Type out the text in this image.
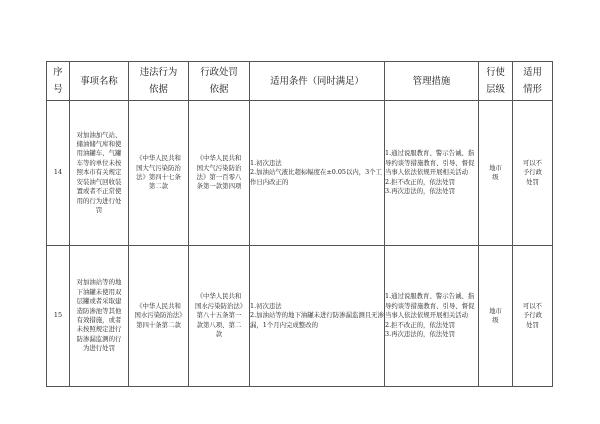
序号	事项名称	违法行为依据	行政处罚依据	适用条件（同时满足）	管理措施	行使层级	适用情形

14	对加油加气站、储油储气库和使用油罐车、气罐车等的单位未按照本市有关规定安装油气回收装置或者不正常使用的行为进行处罚	《中华人民共和国大气污染防治法》第四十七条第二款	《中华人民共和国大气污染防治法》第一百零八条第一款第四项	1.初次违法
2.加油站气液比超标幅度在±0.05以内，3个工作日内改正的	1.通过说服教育、警示告诫、指导约谈等措施教育、引导、督促当事人依法依规开展相关活动
2.拒不改正的，依法处罚
3.再次违法的，依法处罚	地市级	可以不予行政处罚

15	对加油站等的地下油罐未使用双层罐或者采取建造防渗池等其他有效措施，或者未按照规定进行防渗漏监测的行为进行处罚	《中华人民共和国水污染防治法》第四十条第二款	《中华人民共和国水污染防治法》第八十五条第一款第八项、第二款	1.初次违法
2.加油站等的地下油罐未进行防渗漏监测且无渗漏，1个月内完成整改的	1.通过说服教育、警示告诫、指导约谈等措施教育、引导、督促当事人依法依规开展相关活动
2.拒不改正的，依法处罚
3.再次违法的，依法处罚	地市级	可以不予行政处罚
